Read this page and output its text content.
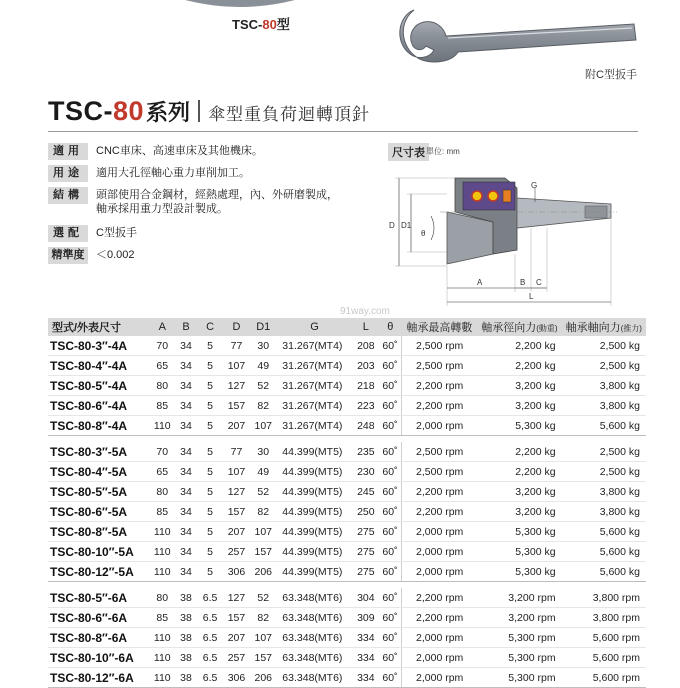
TSC-80型
附C型扳手
TSC-80 系列 傘型重負荷迴轉頂針
適用	CNC車床、高速車床及其他機床。
用途	適用大孔徑軸心重力車削加工。
結構	頭部使用合金鋼材，經熱處理，內、外研磨製成，
軸承採用重力型設計製成。
選配	C型扳手
精準度	＜0.002
尺寸表 單位: mm
D D1
θ
G
A	B C
L
91way.com
型式/外表尺寸	A	B	C	D	D1	G	L	θ	軸承最高轉數	軸承徑向力(動重)	軸承軸向力(推力)
TSC-80-3″-4A	70	34	5	77	30	31.267(MT4)	208	60˚	2,500 rpm	2,200 kg	2,500 kg
TSC-80-4″-4A	65	34	5	107	49	31.267(MT4)	203	60˚	2,500 rpm	2,200 kg	2,500 kg
TSC-80-5″-4A	80	34	5	127	52	31.267(MT4)	218	60˚	2,200 rpm	3,200 kg	3,800 kg
TSC-80-6″-4A	85	34	5	157	82	31.267(MT4)	223	60˚	2,200 rpm	3,200 kg	3,800 kg
TSC-80-8″-4A	110	34	5	207	107	31.267(MT4)	248	60˚	2,000 rpm	5,300 kg	5,600 kg

TSC-80-3″-5A	70	34	5	77	30	44.399(MT5)	235	60˚	2,500 rpm	2,200 kg	2,500 kg
TSC-80-4″-5A	65	34	5	107	49	44.399(MT5)	230	60˚	2,500 rpm	2,200 kg	2,500 kg
TSC-80-5″-5A	80	34	5	127	52	44.399(MT5)	245	60˚	2,200 rpm	3,200 kg	3,800 kg
TSC-80-6″-5A	85	34	5	157	82	44.399(MT5)	250	60˚	2,200 rpm	3,200 kg	3,800 kg
TSC-80-8″-5A	110	34	5	207	107	44.399(MT5)	275	60˚	2,000 rpm	5,300 kg	5,600 kg
TSC-80-10″-5A	110	34	5	257	157	44.399(MT5)	275	60˚	2,000 rpm	5,300 kg	5,600 kg
TSC-80-12″-5A	110	34	5	306	206	44.399(MT5)	275	60˚	2,000 rpm	5,300 kg	5,600 kg

TSC-80-5″-6A	80	38	6.5	127	52	63.348(MT6)	304	60˚	2,200 rpm	3,200 rpm	3,800 rpm
TSC-80-6″-6A	85	38	6.5	157	82	63.348(MT6)	309	60˚	2,200 rpm	3,200 rpm	3,800 rpm
TSC-80-8″-6A	110	38	6.5	207	107	63.348(MT6)	334	60˚	2,000 rpm	5,300 rpm	5,600 rpm
TSC-80-10″-6A	110	38	6.5	257	157	63.348(MT6)	334	60˚	2,000 rpm	5,300 rpm	5,600 rpm
TSC-80-12″-6A	110	38	6.5	306	206	63.348(MT6)	334	60˚	2,000 rpm	5,300 rpm	5,600 rpm
